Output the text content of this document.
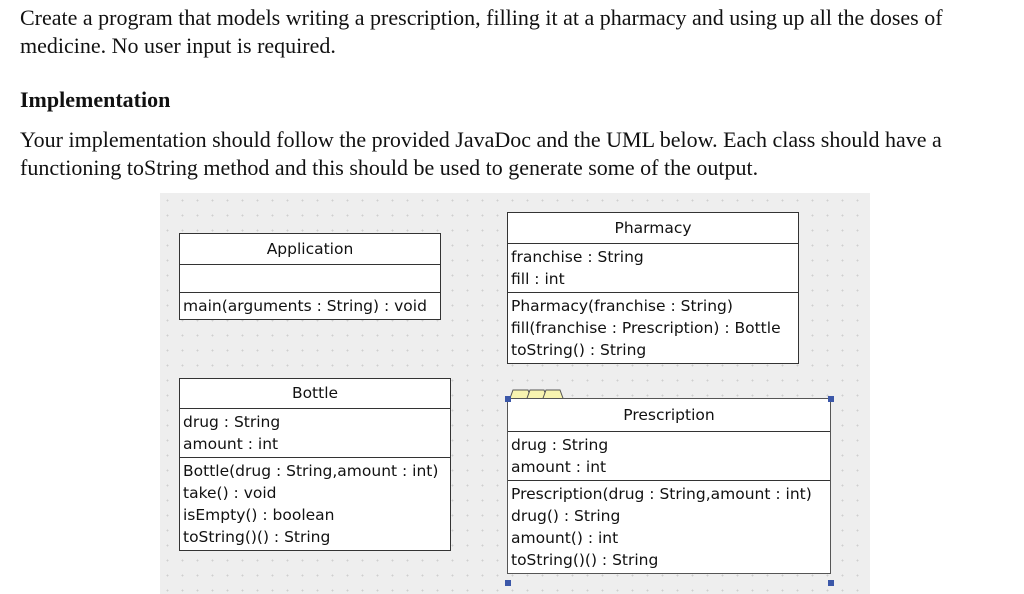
Create a program that models writing a prescription, filling it at a pharmacy and using up all the doses of medicine. No user input is required.
Implementation
Your implementation should follow the provided JavaDoc and the UML below. Each class should have a functioning toString method and this should be used to generate some of the output.
Application
main(arguments : String) : void
Pharmacy
franchise : String
fill : int
Pharmacy(franchise : String)
fill(franchise : Prescription) : Bottle
toString() : String
Bottle
drug : String
amount : int
Bottle(drug : String,amount : int)
take() : void
isEmpty() : boolean
toString()() : String
Prescription
drug : String
amount : int
Prescription(drug : String,amount : int)
drug() : String
amount() : int
toString()() : String
